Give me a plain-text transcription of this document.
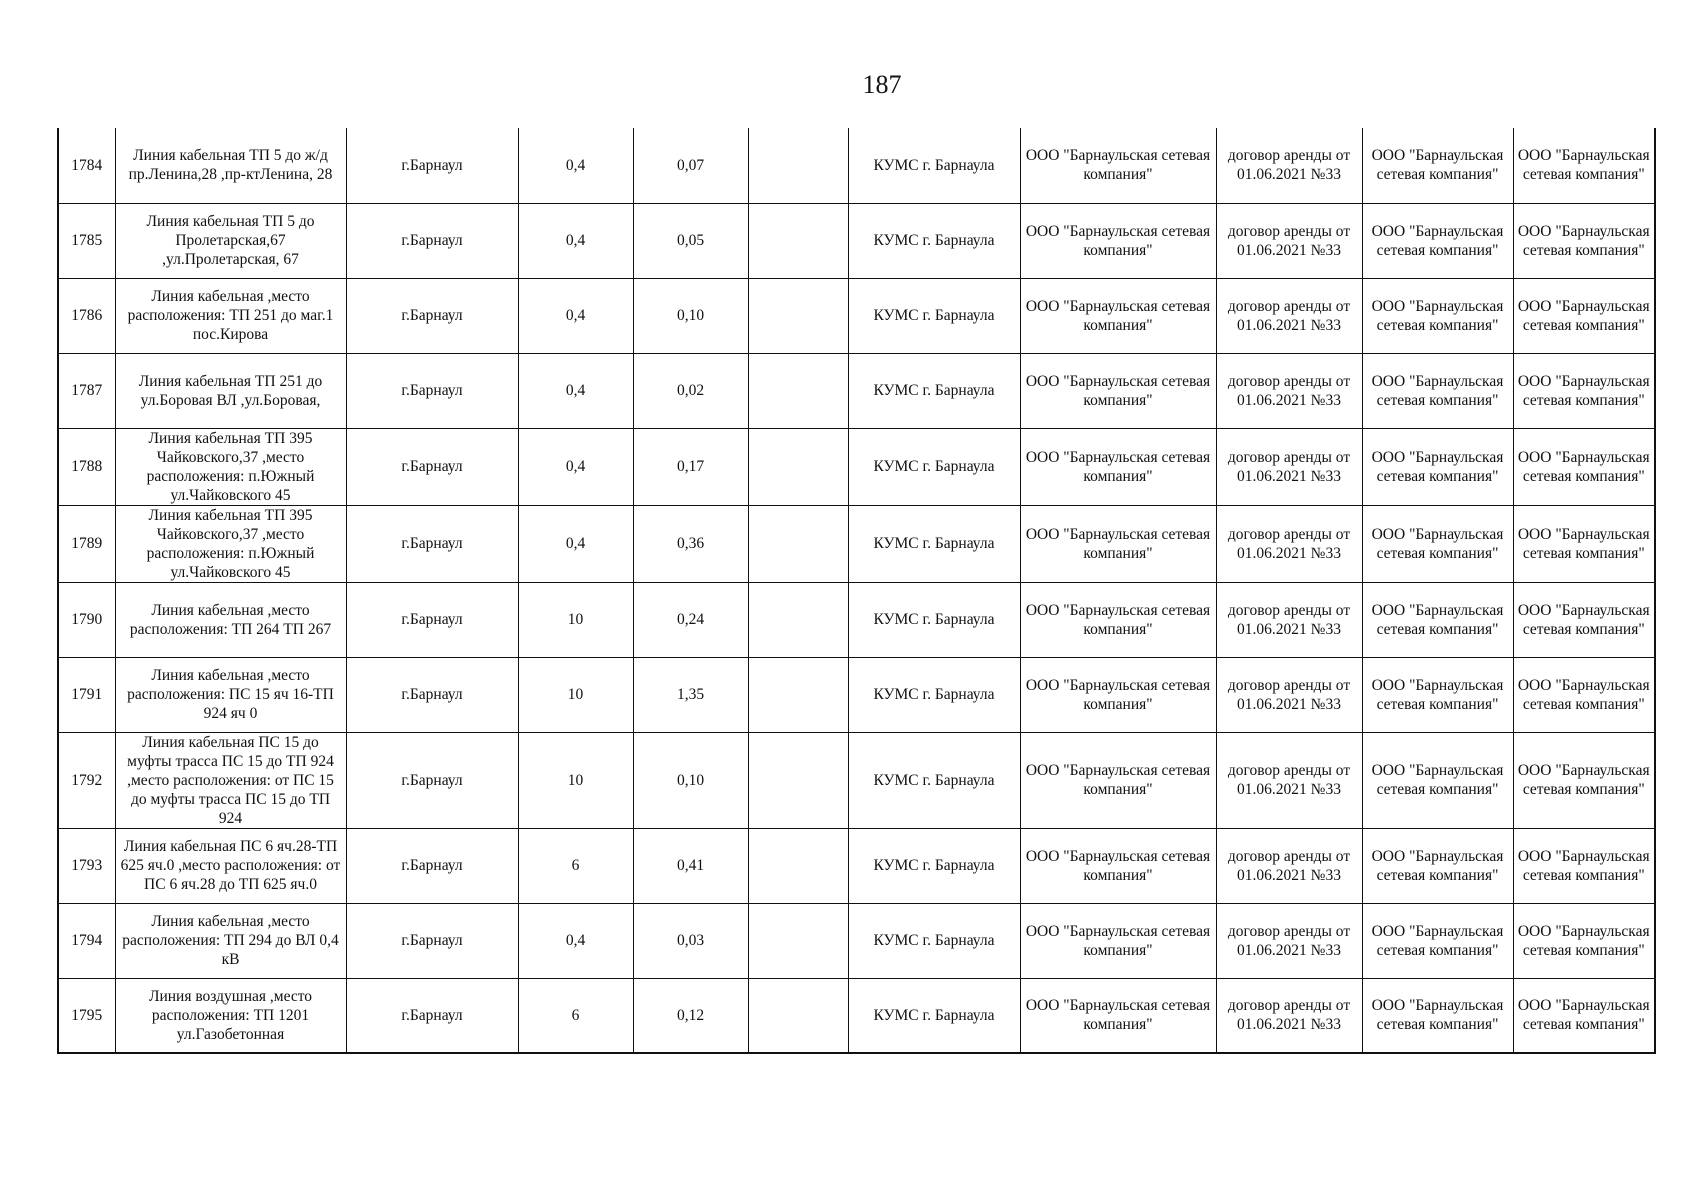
187
1784	Линия кабельная ТП 5 до ж/д пр.Ленина,28 ,пр-ктЛенина, 28	г.Барнаул	0,4	0,07		КУМС г. Барнаула	ООО "Барнаульская сетевая компания"	договор аренды от 01.06.2021 №33	ООО "Барнаульская сетевая компания"	ООО "Барнаульская сетевая компания"
1785	Линия кабельная ТП 5 до Пролетарская,67 ,ул.Пролетарская, 67	г.Барнаул	0,4	0,05		КУМС г. Барнаула	ООО "Барнаульская сетевая компания"	договор аренды от 01.06.2021 №33	ООО "Барнаульская сетевая компания"	ООО "Барнаульская сетевая компания"
1786	Линия кабельная ,место расположения: ТП 251 до маг.1 пос.Кирова	г.Барнаул	0,4	0,10		КУМС г. Барнаула	ООО "Барнаульская сетевая компания"	договор аренды от 01.06.2021 №33	ООО "Барнаульская сетевая компания"	ООО "Барнаульская сетевая компания"
1787	Линия кабельная ТП 251 до ул.Боровая ВЛ ,ул.Боровая,	г.Барнаул	0,4	0,02		КУМС г. Барнаула	ООО "Барнаульская сетевая компания"	договор аренды от 01.06.2021 №33	ООО "Барнаульская сетевая компания"	ООО "Барнаульская сетевая компания"
1788	Линия кабельная ТП 395 Чайковского,37 ,место расположения: п.Южный ул.Чайковского 45	г.Барнаул	0,4	0,17		КУМС г. Барнаула	ООО "Барнаульская сетевая компания"	договор аренды от 01.06.2021 №33	ООО "Барнаульская сетевая компания"	ООО "Барнаульская сетевая компания"
1789	Линия кабельная ТП 395 Чайковского,37 ,место расположения: п.Южный ул.Чайковского 45	г.Барнаул	0,4	0,36		КУМС г. Барнаула	ООО "Барнаульская сетевая компания"	договор аренды от 01.06.2021 №33	ООО "Барнаульская сетевая компания"	ООО "Барнаульская сетевая компания"
1790	Линия кабельная ,место расположения: ТП 264 ТП 267	г.Барнаул	10	0,24		КУМС г. Барнаула	ООО "Барнаульская сетевая компания"	договор аренды от 01.06.2021 №33	ООО "Барнаульская сетевая компания"	ООО "Барнаульская сетевая компания"
1791	Линия кабельная ,место расположения: ПС 15 яч 16-ТП 924 яч 0	г.Барнаул	10	1,35		КУМС г. Барнаула	ООО "Барнаульская сетевая компания"	договор аренды от 01.06.2021 №33	ООО "Барнаульская сетевая компания"	ООО "Барнаульская сетевая компания"
1792	Линия кабельная ПС 15 до муфты трасса ПС 15 до ТП 924 ,место расположения: от ПС 15 до муфты трасса ПС 15 до ТП 924	г.Барнаул	10	0,10		КУМС г. Барнаула	ООО "Барнаульская сетевая компания"	договор аренды от 01.06.2021 №33	ООО "Барнаульская сетевая компания"	ООО "Барнаульская сетевая компания"
1793	Линия кабельная ПС 6 яч.28-ТП 625 яч.0 ,место расположения: от ПС 6 яч.28 до ТП 625 яч.0	г.Барнаул	6	0,41		КУМС г. Барнаула	ООО "Барнаульская сетевая компания"	договор аренды от 01.06.2021 №33	ООО "Барнаульская сетевая компания"	ООО "Барнаульская сетевая компания"
1794	Линия кабельная ,место расположения: ТП 294 до ВЛ 0,4 кВ	г.Барнаул	0,4	0,03		КУМС г. Барнаула	ООО "Барнаульская сетевая компания"	договор аренды от 01.06.2021 №33	ООО "Барнаульская сетевая компания"	ООО "Барнаульская сетевая компания"
1795	Линия воздушная ,место расположения: ТП 1201 ул.Газобетонная	г.Барнаул	6	0,12		КУМС г. Барнаула	ООО "Барнаульская сетевая компания"	договор аренды от 01.06.2021 №33	ООО "Барнаульская сетевая компания"	ООО "Барнаульская сетевая компания"
